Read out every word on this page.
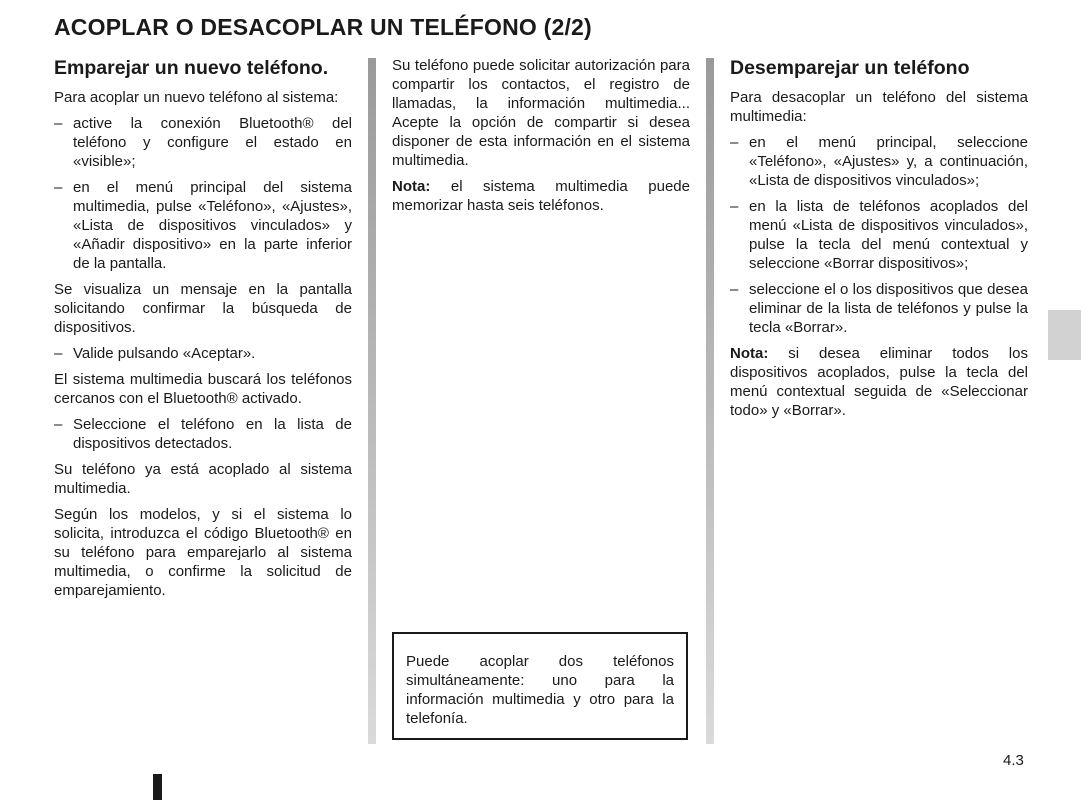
ACOPLAR O DESACOPLAR UN TELÉFONO (2/2)
Emparejar un nuevo teléfono.

Para acoplar un nuevo teléfono al sistema:

– active la conexión Bluetooth® del teléfono y configure el estado en «visible»;
– en el menú principal del sistema multimedia, pulse «Teléfono», «Ajustes», «Lista de dispositivos vinculados» y «Añadir dispositivo» en la parte inferior de la pantalla.

Se visualiza un mensaje en la pantalla solicitando confirmar la búsqueda de dispositivos.

– Valide pulsando «Aceptar».

El sistema multimedia buscará los teléfonos cercanos con el Bluetooth® activado.

– Seleccione el teléfono en la lista de dispositivos detectados.

Su teléfono ya está acoplado al sistema multimedia.

Según los modelos, y si el sistema lo solicita, introduzca el código Bluetooth® en su teléfono para emparejarlo al sistema multimedia, o confirme la solicitud de emparejamiento.

Su teléfono puede solicitar autorización para compartir los contactos, el registro de llamadas, la información multimedia... Acepte la opción de compartir si desea disponer de esta información en el sistema multimedia.

Nota: el sistema multimedia puede memorizar hasta seis teléfonos.

Puede acoplar dos teléfonos simultáneamente: uno para la información multimedia y otro para la telefonía.
Desemparejar un teléfono

Para desacoplar un teléfono del sistema multimedia:

– en el menú principal, seleccione «Teléfono», «Ajustes» y, a continuación, «Lista de dispositivos vinculados»;
– en la lista de teléfonos acoplados del menú «Lista de dispositivos vinculados», pulse la tecla del menú contextual y seleccione «Borrar dispositivos»;
– seleccione el o los dispositivos que desea eliminar de la lista de teléfonos y pulse la tecla «Borrar».

Nota: si desea eliminar todos los dispositivos acoplados, pulse la tecla del menú contextual seguida de «Seleccionar todo» y «Borrar».

4.3
